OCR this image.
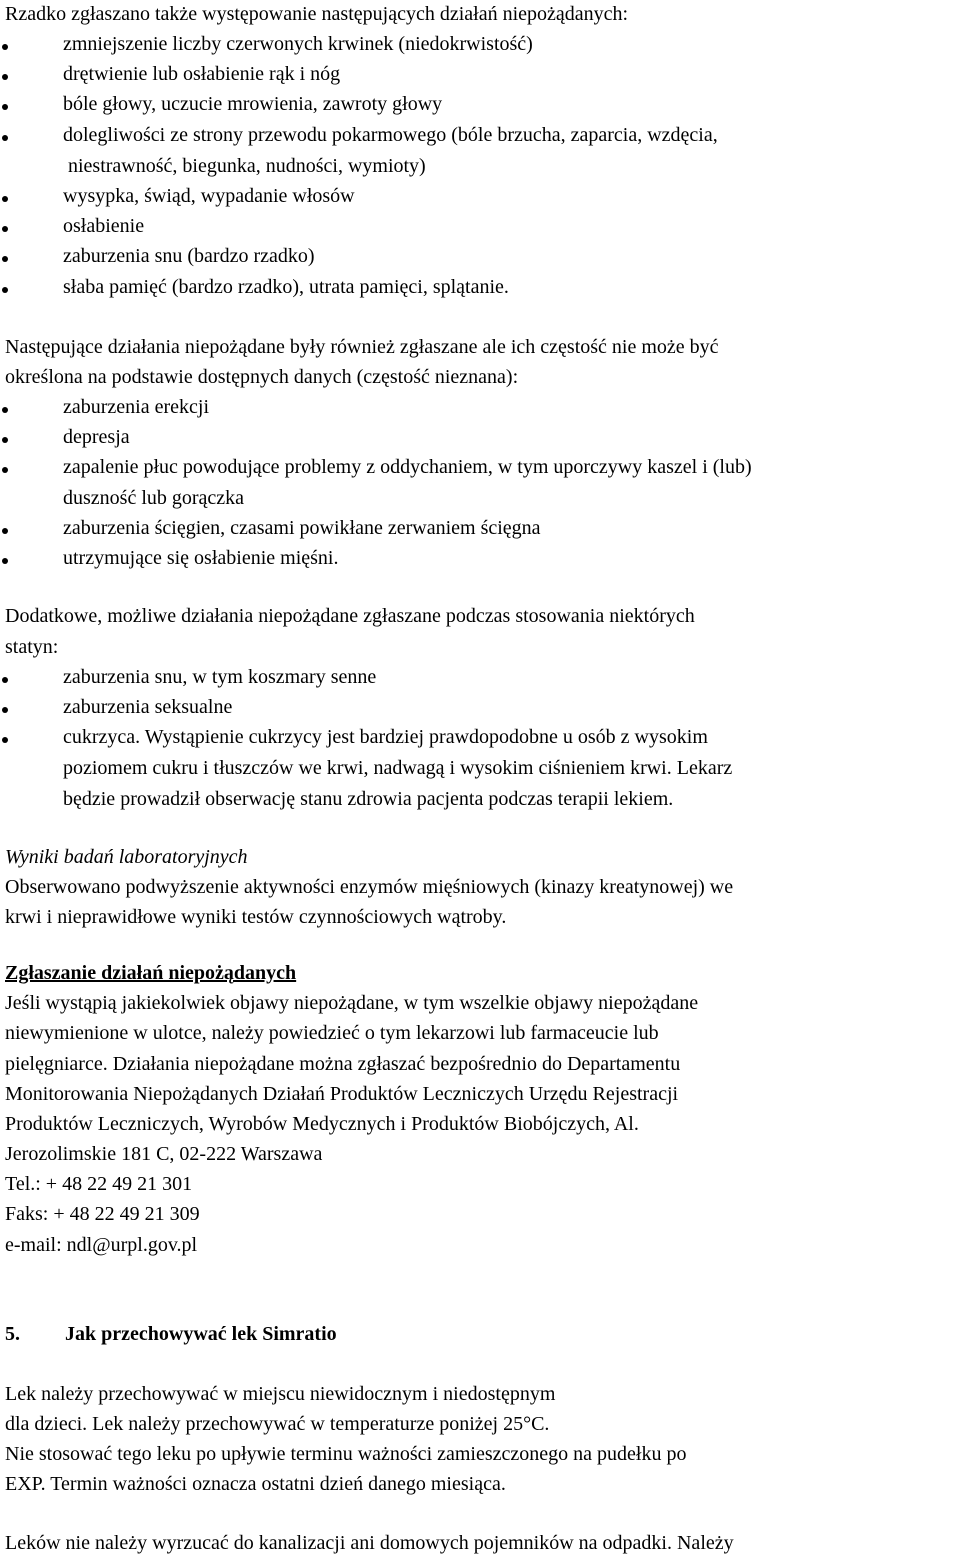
Rzadko zgłaszano także występowanie następujących działań niepożądanych:
zmniejszenie liczby czerwonych krwinek (niedokrwistość)
drętwienie lub osłabienie rąk i nóg
bóle głowy, uczucie mrowienia, zawroty głowy
dolegliwości ze strony przewodu pokarmowego (bóle brzucha, zaparcia, wzdęcia,
niestrawność, biegunka, nudności, wymioty)
wysypka, świąd, wypadanie włosów
osłabienie
zaburzenia snu (bardzo rzadko)
słaba pamięć (bardzo rzadko), utrata pamięci, splątanie.
Następujące działania niepożądane były również zgłaszane ale ich częstość nie może być
określona na podstawie dostępnych danych (częstość nieznana):
zaburzenia erekcji
depresja
zapalenie płuc powodujące problemy z oddychaniem, w tym uporczywy kaszel i (lub)
duszność lub gorączka
zaburzenia ścięgien, czasami powikłane zerwaniem ścięgna
utrzymujące się osłabienie mięśni.
Dodatkowe, możliwe działania niepożądane zgłaszane podczas stosowania niektórych
statyn:
zaburzenia snu, w tym koszmary senne
zaburzenia seksualne
cukrzyca. Wystąpienie cukrzycy jest bardziej prawdopodobne u osób z wysokim
poziomem cukru i tłuszczów we krwi, nadwagą i wysokim ciśnieniem krwi. Lekarz
będzie prowadził obserwację stanu zdrowia pacjenta podczas terapii lekiem.
Wyniki badań laboratoryjnych
Obserwowano podwyższenie aktywności enzymów mięśniowych (kinazy kreatynowej) we
krwi i nieprawidłowe wyniki testów czynnościowych wątroby.
Zgłaszanie działań niepożądanych
Jeśli wystąpią jakiekolwiek objawy niepożądane, w tym wszelkie objawy niepożądane
niewymienione w ulotce, należy powiedzieć o tym lekarzowi lub farmaceucie lub
pielęgniarce. Działania niepożądane można zgłaszać bezpośrednio do Departamentu
Monitorowania Niepożądanych Działań Produktów Leczniczych Urzędu Rejestracji
Produktów Leczniczych, Wyrobów Medycznych i Produktów Biobójczych, Al.
Jerozolimskie 181 C, 02-222 Warszawa
Tel.: + 48 22 49 21 301
Faks: + 48 22 49 21 309
e-mail: ndl@urpl.gov.pl
5. Jak przechowywać lek Simratio
Lek należy przechowywać w miejscu niewidocznym i niedostępnym
dla dzieci. Lek należy przechowywać w temperaturze poniżej 25°C.
Nie stosować tego leku po upływie terminu ważności zamieszczonego na pudełku po
EXP. Termin ważności oznacza ostatni dzień danego miesiąca.
Leków nie należy wyrzucać do kanalizacji ani domowych pojemników na odpadki. Należy
